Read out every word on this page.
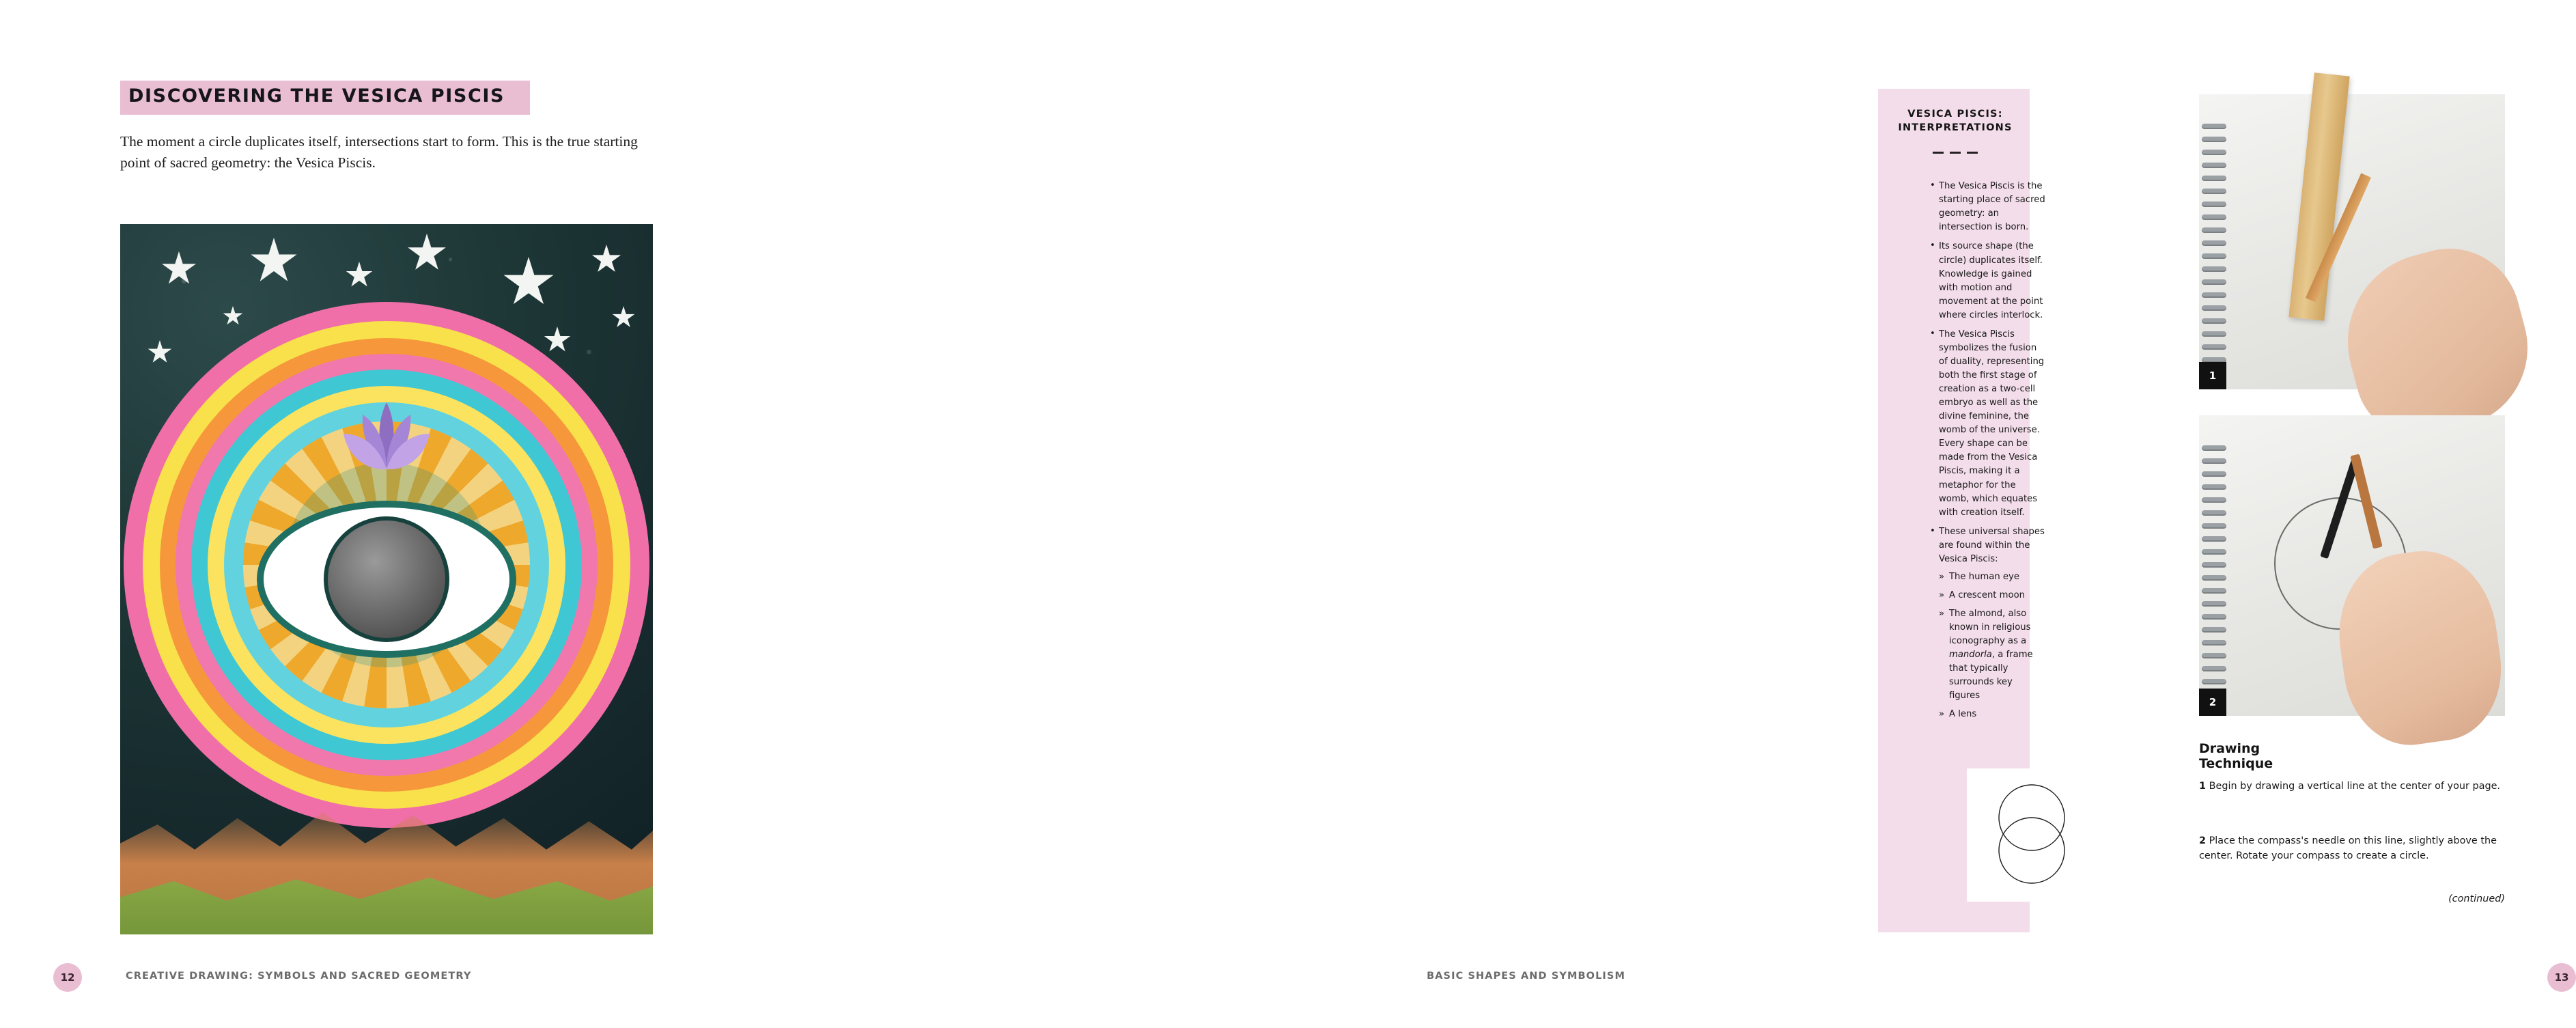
DISCOVERING THE VESICA PISCIS
The moment a circle duplicates itself, intersections start to form. This is the true starting point of sacred geometry: the Vesica Piscis.
12	CREATIVE DRAWING: SYMBOLS AND SACRED GEOMETRY
VESICA PISCIS:
INTERPRETATIONS
• The Vesica Piscis is the starting place of sacred geometry: an intersection is born.
• Its source shape (the circle) duplicates itself. Knowledge is gained with motion and movement at the point where circles interlock.
• The Vesica Piscis symbolizes the fusion of duality, representing both the first stage of creation as a two-cell embryo as well as the divine feminine, the womb of the universe. Every shape can be made from the Vesica Piscis, making it a metaphor for the womb, which equates with creation itself.
• These universal shapes are found within the Vesica Piscis:
» The human eye
» A crescent moon
» The almond, also known in religious iconography as a mandorla, a frame that typically surrounds key figures
» A lens
1
2
Drawing Technique
1 Begin by drawing a vertical line at the center of your page.
2 Place the compass's needle on this line, slightly above the center. Rotate your compass to create a circle.
(continued)
BASIC SHAPES AND SYMBOLISM	13
